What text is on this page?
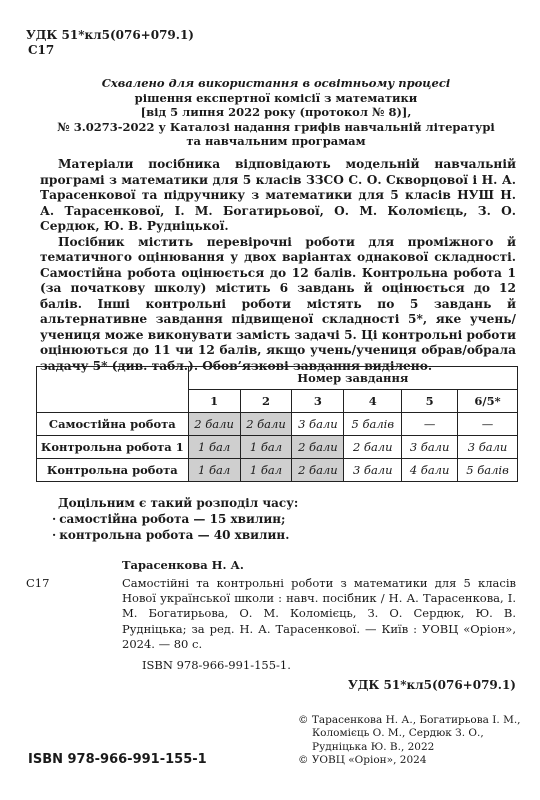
УДК 51*кл5(076+079.1)
С17
Схвалено для використання в освітньому процесі
рішення експертної комісії з математики
[від 5 липня 2022 року (протокол № 8)],
№ 3.0273-2022 у Каталозі надання грифів навчальній літературі
та навчальним програмам

Матеріали посібника відповідають модельній навчальній програмі з математики для 5 класів ЗЗСО С. О. Скворцової і Н. А. Тарасенкової та підручнику з математики для 5 класів НУШ Н. А. Тарасенкової, І. М. Богатирьової, О. М. Коломієць, З. О. Сердюк, Ю. В. Рудніцької.

Посібник містить перевірочні роботи для проміжного й тематичного оцінювання у двох варіантах однакової складності. Самостійна робота оцінюється до 12 балів. Контрольна робота 1 (за початкову школу) містить 6 завдань й оцінюється до 12 балів. Інші контрольні роботи містять по 5 завдань й альтернативне завдання підвищеної складності 5*, яке учень/учениця може виконувати замість задачі 5. Ці контрольні роботи оцінюються до 11 чи 12 балів, якщо учень/учениця обрав/обрала задачу 5* (див. табл.). Обов’язкові завдання виділено.

	Номер завдання					
	1	2	3	4	5	6/5*
Самостійна робота	2 бали	2 бали	3 бали	5 балів	—	—
Контрольна робота 1	1 бал	1 бал	2 бали	2 бали	3 бали	3 бали
Контрольна робота	1 бал	1 бал	2 бали	3 бали	4 бали	5 балів
Доцільним є такий розподіл часу:
· самостійна робота — 15 хвилин;
· контрольна робота — 40 хвилин.
Тарасенкова Н. А.
С17	Самостійні та контрольні роботи з математики для 5 класів Нової української школи : навч. посібник / Н. А. Тарасенкова, І. М. Богатирьова, О. М. Коломієць, З. О. Сердюк, Ю. В. Рудніцька; за ред. Н. А. Тарасенкової. — Київ : УОВЦ «Оріон», 2024. — 80 с.
ISBN 978-966-991-155-1.
УДК 51*кл5(076+079.1)
© Тарасенкова Н. А., Богатирьова І. М.,
Коломієць О. М., Сердюк З. О.,
Рудніцька Ю. В., 2022
© УОВЦ «Оріон», 2024
ISBN 978-966-991-155-1
